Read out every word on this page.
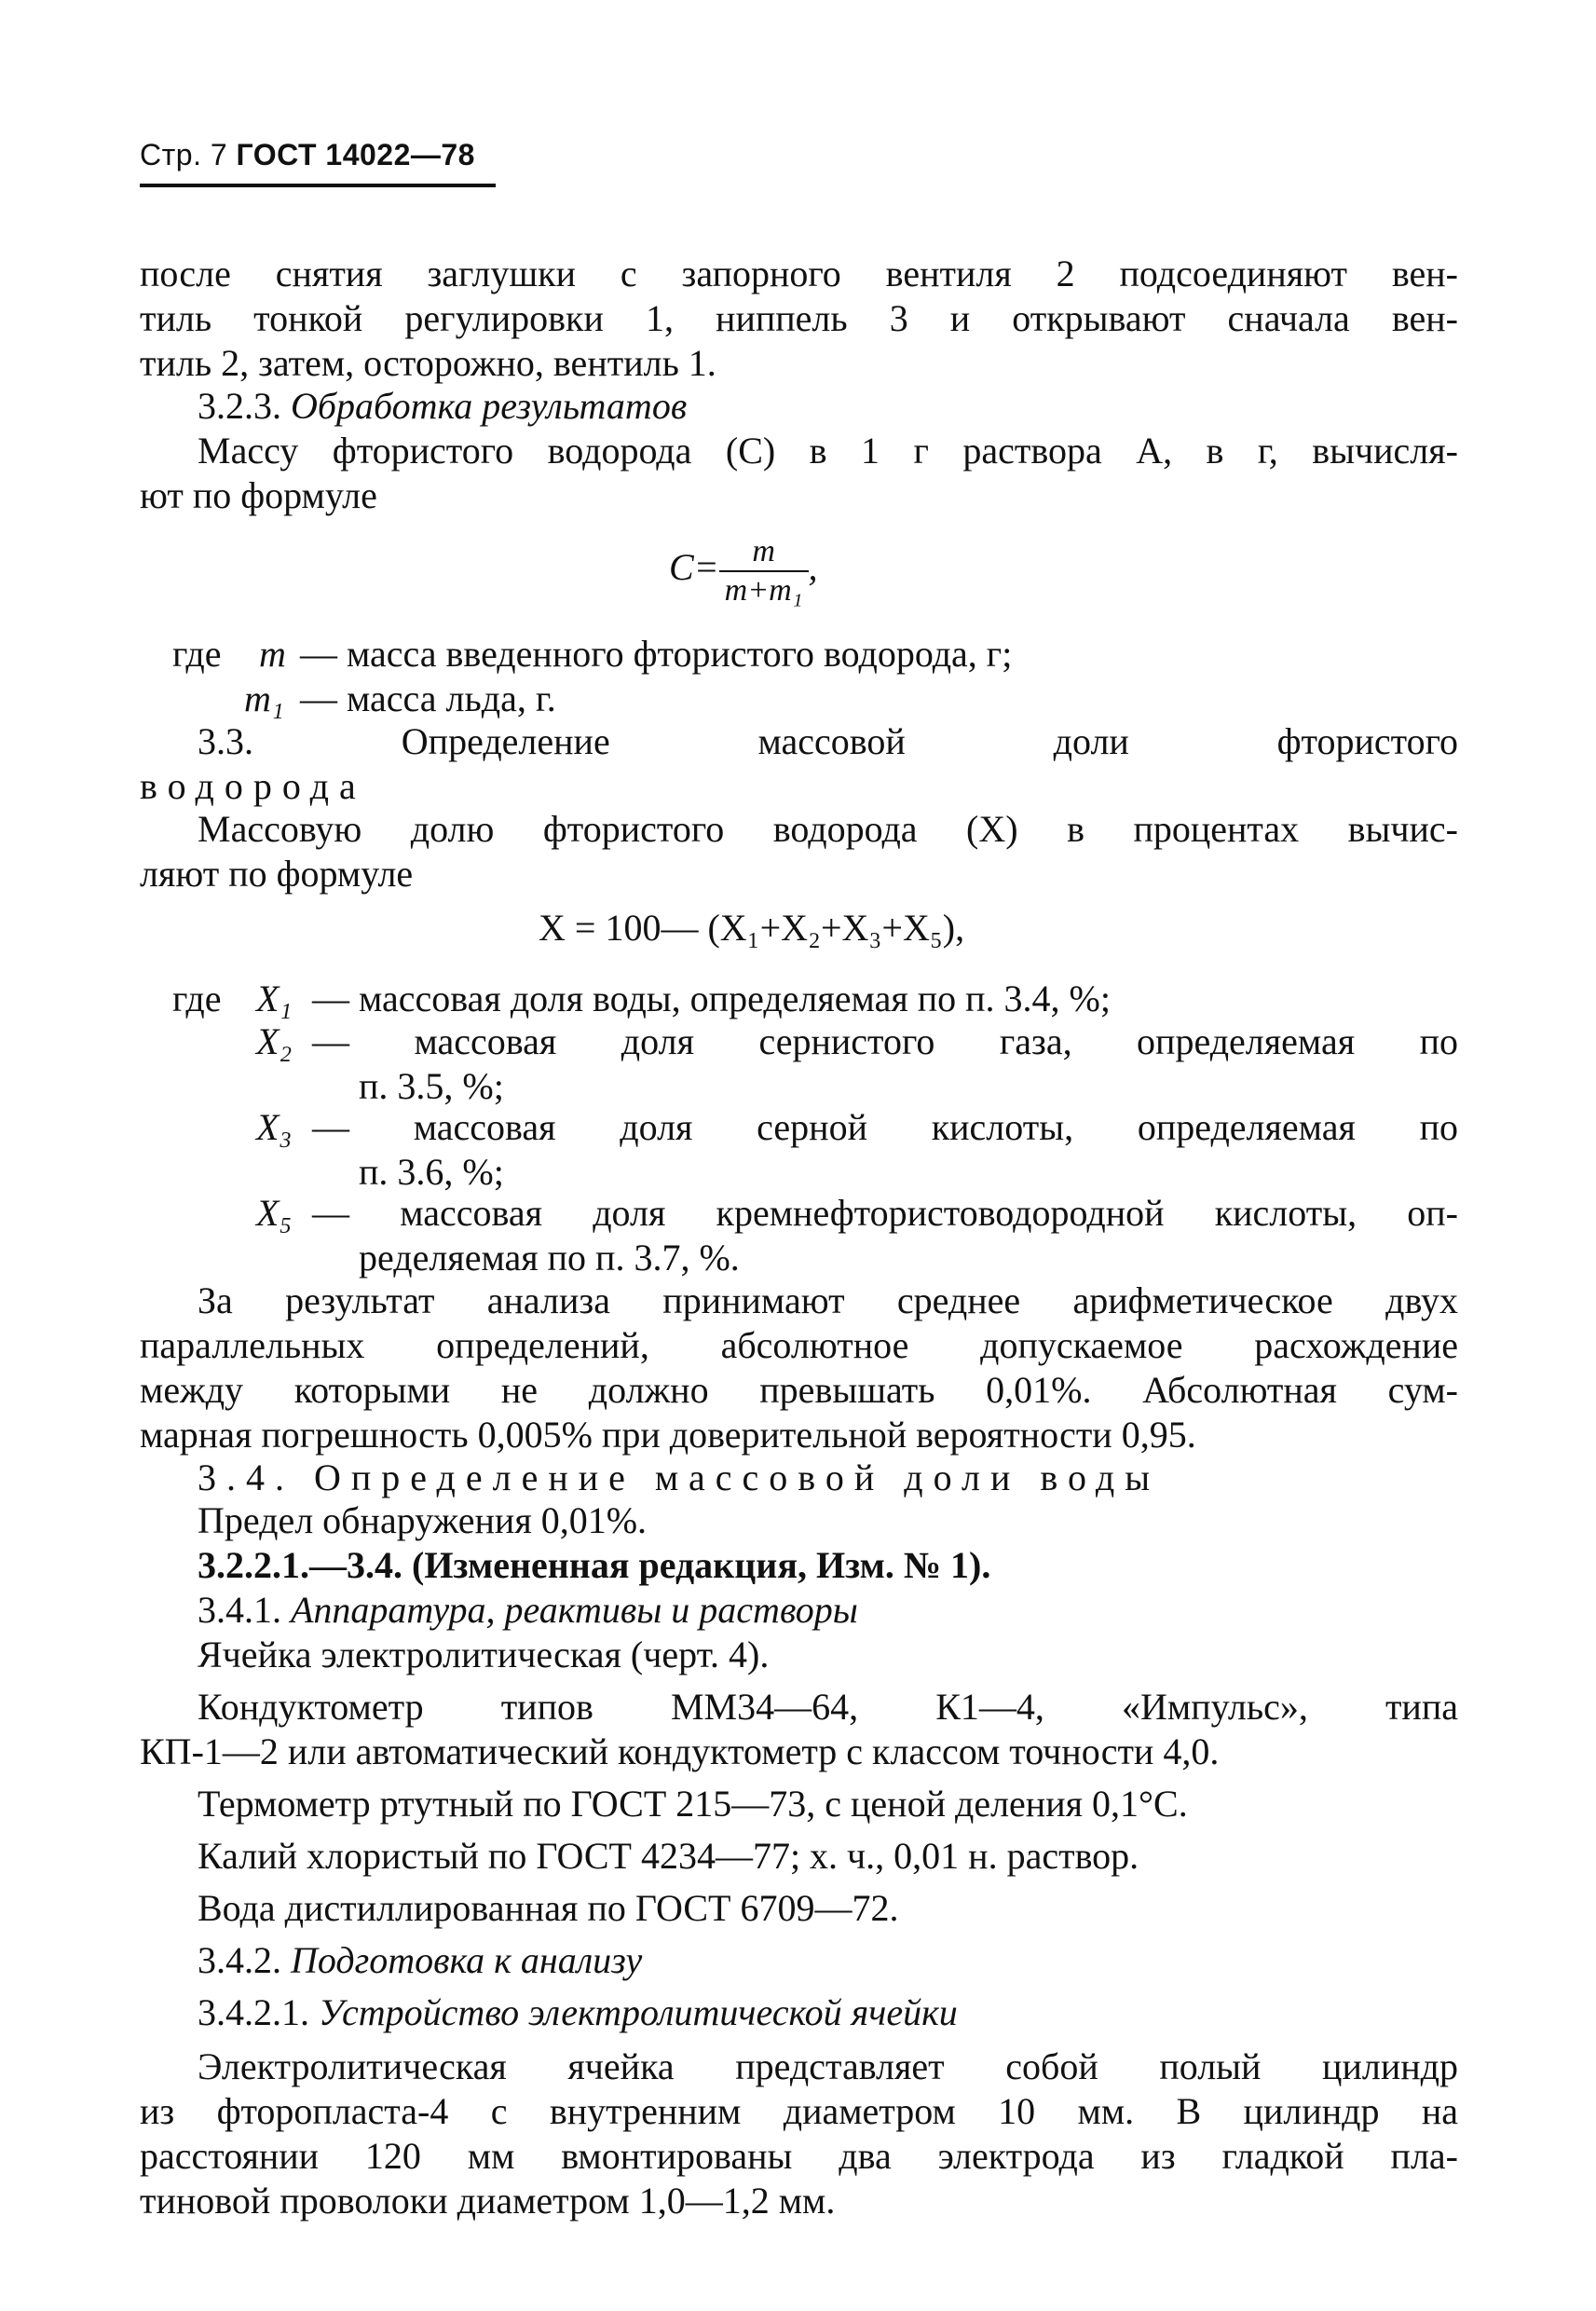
Стр. 7 ГОСТ 14022—78
после снятия заглушки с запорного вентиля 2 подсоединяют вен-
тиль тонкой регулировки 1, ниппель 3 и открывают сначала вен-
тиль 2, затем, осторожно, вентиль 1.
3.2.3. Обработка результатов
Массу фтористого водорода (С) в 1 г раствора А, в г, вычисля-
ют по формуле
$C= \frac{m}{\text{m+m₁}}$ ,
где m — масса введенного фтористого водорода, г;
m₁ — масса льда, г.
3.3. Определение массовой доли фтористого
водорода
Массовую долю фтористого водорода (X) в процентах вычис-
ляют по формуле
X = 100— (X₁+X₂+X₃+X₅),
где X₁ — массовая доля воды, определяемая по п. 3.4, %;
X₂ — массовая доля сернистого газа, определяемая по
п. 3.5, %;
X₃ — массовая доля серной кислоты, определяемая по
п. 3.6, %;
X₅ — массовая доля кремнефтористоводородной кислоты, оп-
ределяемая по п. 3.7, %.
За результат анализа принимают среднее арифметическое двух
параллельных определений, абсолютное допускаемое расхождение
между которыми не должно превышать 0,01%. Абсолютная сум-
марная погрешность 0,005% при доверительной вероятности 0,95.
3.4. Определение массовой доли воды
Предел обнаружения 0,01%.
3.2.2.1.—3.4. (Измененная редакция, Изм. № 1).
3.4.1. Аппаратура, реактивы и растворы
Ячейка электролитическая (черт. 4).
Кондуктометр типов ММ34—64, К1—4, «Импульс», типа
КП-1—2 или автоматический кондуктометр с классом точности 4,0.
Термометр ртутный по ГОСТ 215—73, с ценой деления 0,1°С.
Калий хлористый по ГОСТ 4234—77; х. ч., 0,01 н. раствор.
Вода дистиллированная по ГОСТ 6709—72.
3.4.2. Подготовка к анализу
3.4.2.1. Устройство электролитической ячейки
Электролитическая ячейка представляет собой полый цилиндр
из фторопласта-4 с внутренним диаметром 10 мм. В цилиндр на
расстоянии 120 мм вмонтированы два электрода из гладкой пла-
тиновой проволоки диаметром 1,0—1,2 мм.
